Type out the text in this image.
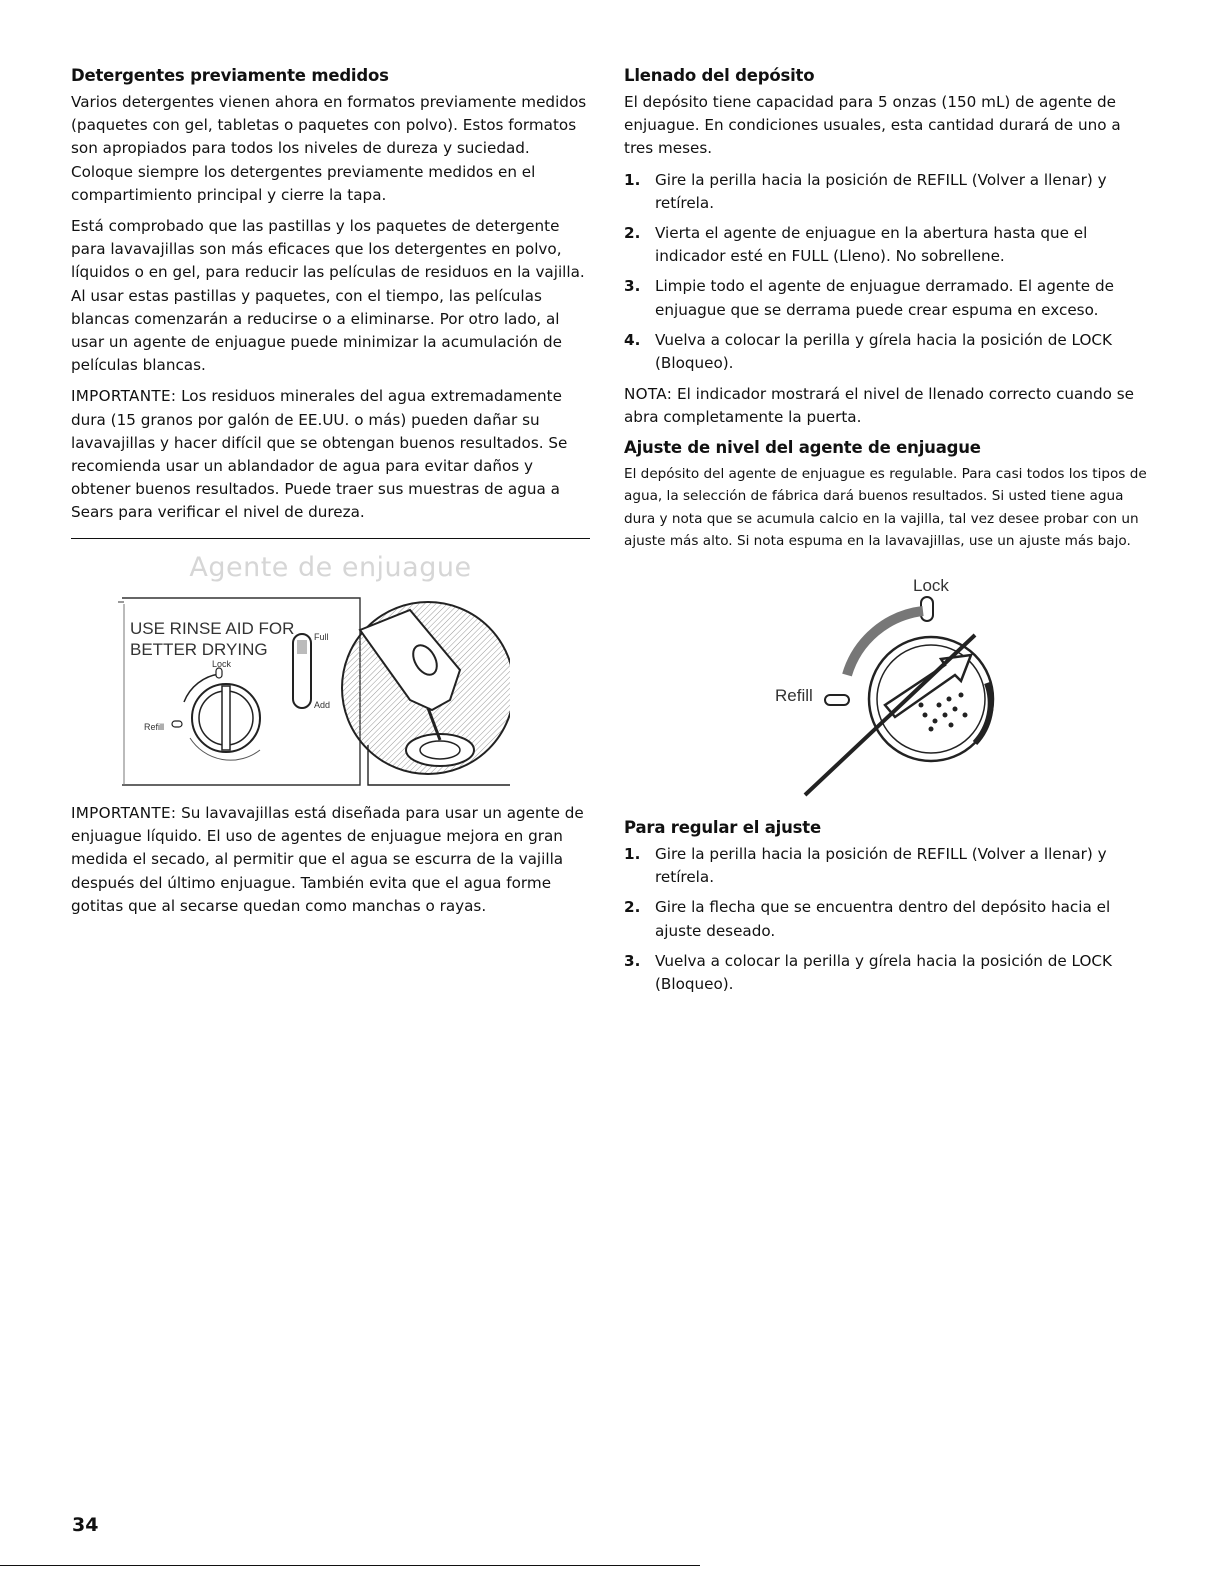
Detergentes previamente medidos

Varios detergentes vienen ahora en formatos previamente medidos (paquetes con gel, tabletas o paquetes con polvo). Estos formatos son apropiados para todos los niveles de dureza y suciedad. Coloque siempre los detergentes previamente medidos en el compartimiento principal y cierre la tapa.

Está comprobado que las pastillas y los paquetes de detergente para lavavajillas son más eficaces que los detergentes en polvo, líquidos o en gel, para reducir las películas de residuos en la vajilla. Al usar estas pastillas y paquetes, con el tiempo, las películas blancas comenzarán a reducirse o a eliminarse. Por otro lado, al usar un agente de enjuague puede minimizar la acumulación de películas blancas.

IMPORTANTE: Los residuos minerales del agua extremadamente dura (15 granos por galón de EE.UU. o más) pueden dañar su lavavajillas y hacer difícil que se obtengan buenos resultados. Se recomienda usar un ablandador de agua para evitar daños y obtener buenos resultados. Puede traer sus muestras de agua a Sears para verificar el nivel de dureza.

Agente de enjuague
USE RINSE AID FOR
BETTER DRYING
Lock
Refill
Full
Add

IMPORTANTE: Su lavavajillas está diseñada para usar un agente de enjuague líquido. El uso de agentes de enjuague mejora en gran medida el secado, al permitir que el agua se escurra de la vajilla después del último enjuague. También evita que el agua forme gotitas que al secarse quedan como manchas o rayas.

Llenado del depósito

El depósito tiene capacidad para 5 onzas (150 mL) de agente de enjuague. En condiciones usuales, esta cantidad durará de uno a tres meses.

1. Gire la perilla hacia la posición de REFILL (Volver a llenar) y retírela.
2. Vierta el agente de enjuague en la abertura hasta que el indicador esté en FULL (Lleno). No sobrellene.
3. Limpie todo el agente de enjuague derramado. El agente de enjuague que se derrama puede crear espuma en exceso.
4. Vuelva a colocar la perilla y gírela hacia la posición de LOCK (Bloqueo).

NOTA: El indicador mostrará el nivel de llenado correcto cuando se abra completamente la puerta.

Ajuste de nivel del agente de enjuague

El depósito del agente de enjuague es regulable. Para casi todos los tipos de agua, la selección de fábrica dará buenos resultados. Si usted tiene agua dura y nota que se acumula calcio en la vajilla, tal vez desee probar con un ajuste más alto. Si nota espuma en la lavavajillas, use un ajuste más bajo.

Lock
Refill
Para regular el ajuste
1. Gire la perilla hacia la posición de REFILL (Volver a llenar) y retírela.
2. Gire la flecha que se encuentra dentro del depósito hacia el ajuste deseado.
3. Vuelva a colocar la perilla y gírela hacia la posición de LOCK (Bloqueo).
34
